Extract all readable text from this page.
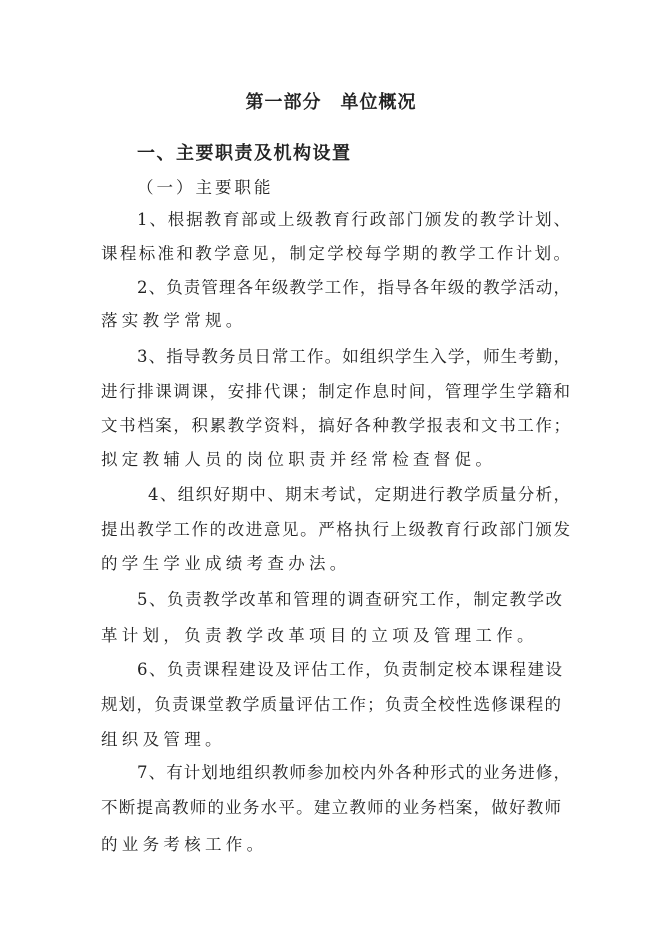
第一部分　单位概况
一、主要职责及机构设置
（一）主要职能
1、根据教育部或上级教育行政部门颁发的教学计划、
课程标准和教学意见，制定学校每学期的教学工作计划。
2、负责管理各年级教学工作，指导各年级的教学活动，
落实教学常规。
3、指导教务员日常工作。如组织学生入学，师生考勤，
进行排课调课，安排代课；制定作息时间，管理学生学籍和
文书档案，积累教学资料，搞好各种教学报表和文书工作；
拟定教辅人员的岗位职责并经常检查督促。
4、组织好期中、期末考试，定期进行教学质量分析，
提出教学工作的改进意见。严格执行上级教育行政部门颁发
的学生学业成绩考查办法。
5、负责教学改革和管理的调查研究工作，制定教学改
革计划，负责教学改革项目的立项及管理工作。
6、负责课程建设及评估工作，负责制定校本课程建设
规划，负责课堂教学质量评估工作；负责全校性选修课程的
组织及管理。
7、有计划地组织教师参加校内外各种形式的业务进修，
不断提高教师的业务水平。建立教师的业务档案，做好教师
的业务考核工作。
